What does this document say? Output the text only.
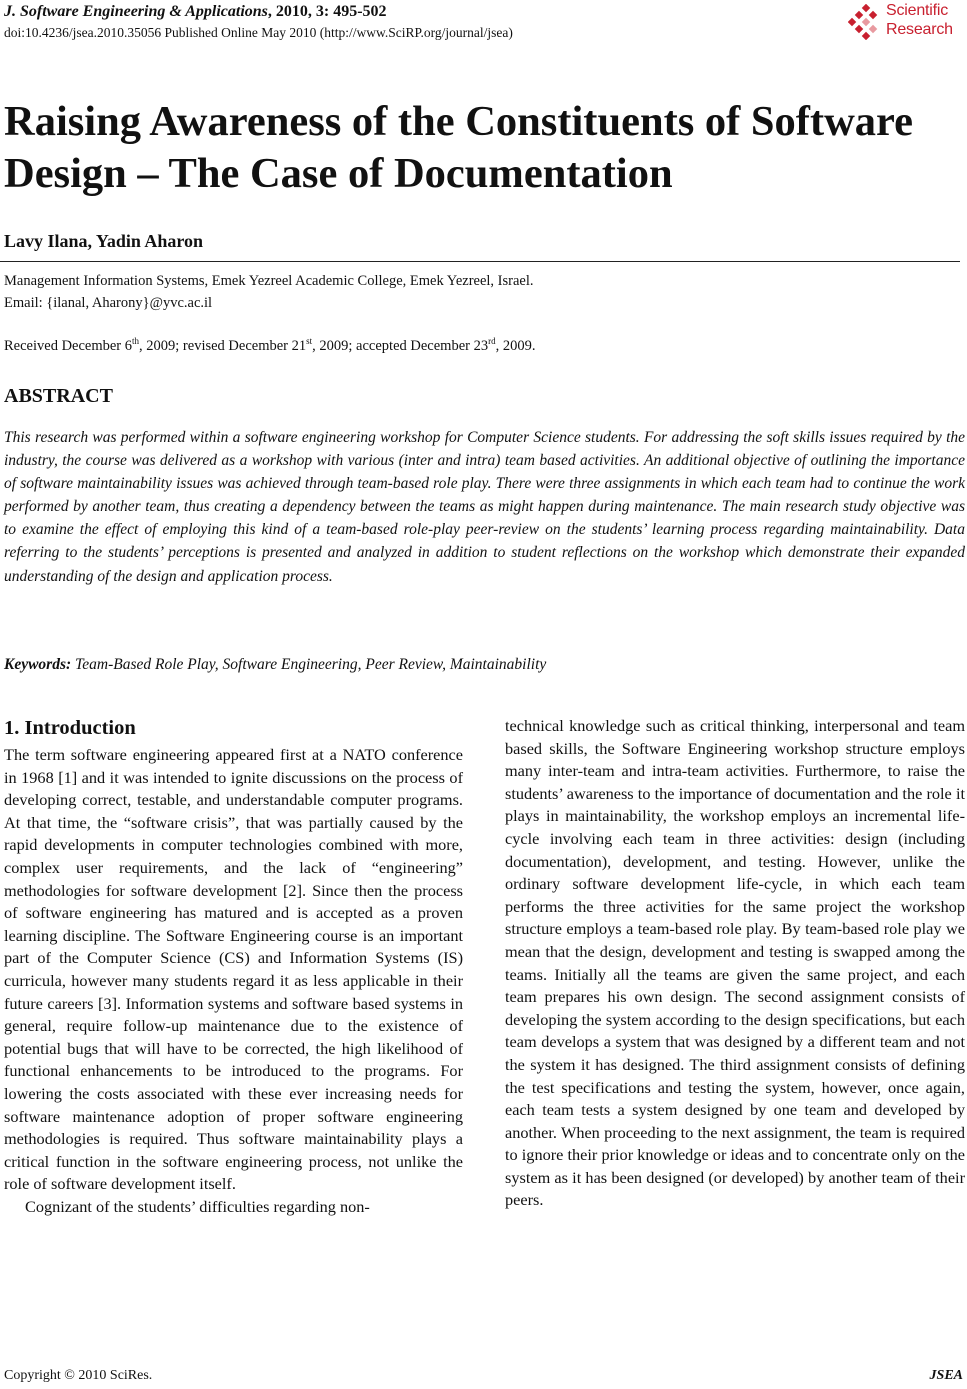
J. Software Engineering & Applications, 2010, 3: 495-502
doi:10.4236/jsea.2010.35056 Published Online May 2010 (http://www.SciRP.org/journal/jsea)
Scientific
Research
Raising Awareness of the Constituents of Software Design – The Case of Documentation
Lavy Ilana, Yadin Aharon
Management Information Systems, Emek Yezreel Academic College, Emek Yezreel, Israel.
Email: {ilanal, Aharony}@yvc.ac.il
Received December 6th, 2009; revised December 21st, 2009; accepted December 23rd, 2009.
ABSTRACT

This research was performed within a software engineering workshop for Computer Science students. For addressing the soft skills issues required by the industry, the course was delivered as a workshop with various (inter and intra) team based activities. An additional objective of outlining the importance of software maintainability issues was achieved through team-based role play. There were three assignments in which each team had to continue the work performed by another team, thus creating a dependency between the teams as might happen during maintenance. The main research study objective was to examine the effect of employing this kind of a team-based role-play peer-review on the students’ learning process regarding maintainability. Data referring to the students’ perceptions is presented and analyzed in addition to student reflections on the workshop which demonstrate their expanded understanding of the design and application process.

Keywords: Team-Based Role Play, Software Engineering, Peer Review, Maintainability
1. Introduction

The term software engineering appeared first at a NATO conference in 1968 [1] and it was intended to ignite discussions on the process of developing correct, testable, and understandable computer programs. At that time, the “software crisis”, that was partially caused by the rapid developments in computer technologies combined with more, complex user requirements, and the lack of “engineering” methodologies for software development [2]. Since then the process of software engineering has matured and is accepted as a proven learning discipline. The Software Engineering course is an important part of the Computer Science (CS) and Information Systems (IS) curricula, however many students regard it as less applicable in their future careers [3]. Information systems and software based systems in general, require follow-up maintenance due to the existence of potential bugs that will have to be corrected, the high likelihood of functional enhancements to be introduced to the programs. For lowering the costs associated with these ever increasing needs for software maintenance adoption of proper software engineering methodologies is required. Thus software maintainability plays a critical function in the software engineering process, not unlike the role of software development itself.

Cognizant of the students’ difficulties regarding non-

technical knowledge such as critical thinking, interpersonal and team based skills, the Software Engineering workshop structure employs many inter-team and intra-team activities. Furthermore, to raise the students’ awareness to the importance of documentation and the role it plays in maintainability, the workshop employs an incremental life-cycle involving each team in three activities: design (including documentation), development, and testing. However, unlike the ordinary software development life-cycle, in which each team performs the three activities for the same project the workshop structure employs a team-based role play. By team-based role play we mean that the design, development and testing is swapped among the teams. Initially all the teams are given the same project, and each team prepares his own design. The second assignment consists of developing the system according to the design specifications, but each team develops a system that was designed by a different team and not the system it has designed. The third assignment consists of defining the test specifications and testing the system, however, once again, each team tests a system designed by one team and developed by another. When proceeding to the next assignment, the team is required to ignore their prior knowledge or ideas and to concentrate only on the system as it has been designed (or developed) by another team of their peers.

Copyright © 2010 SciRes.	JSEA
